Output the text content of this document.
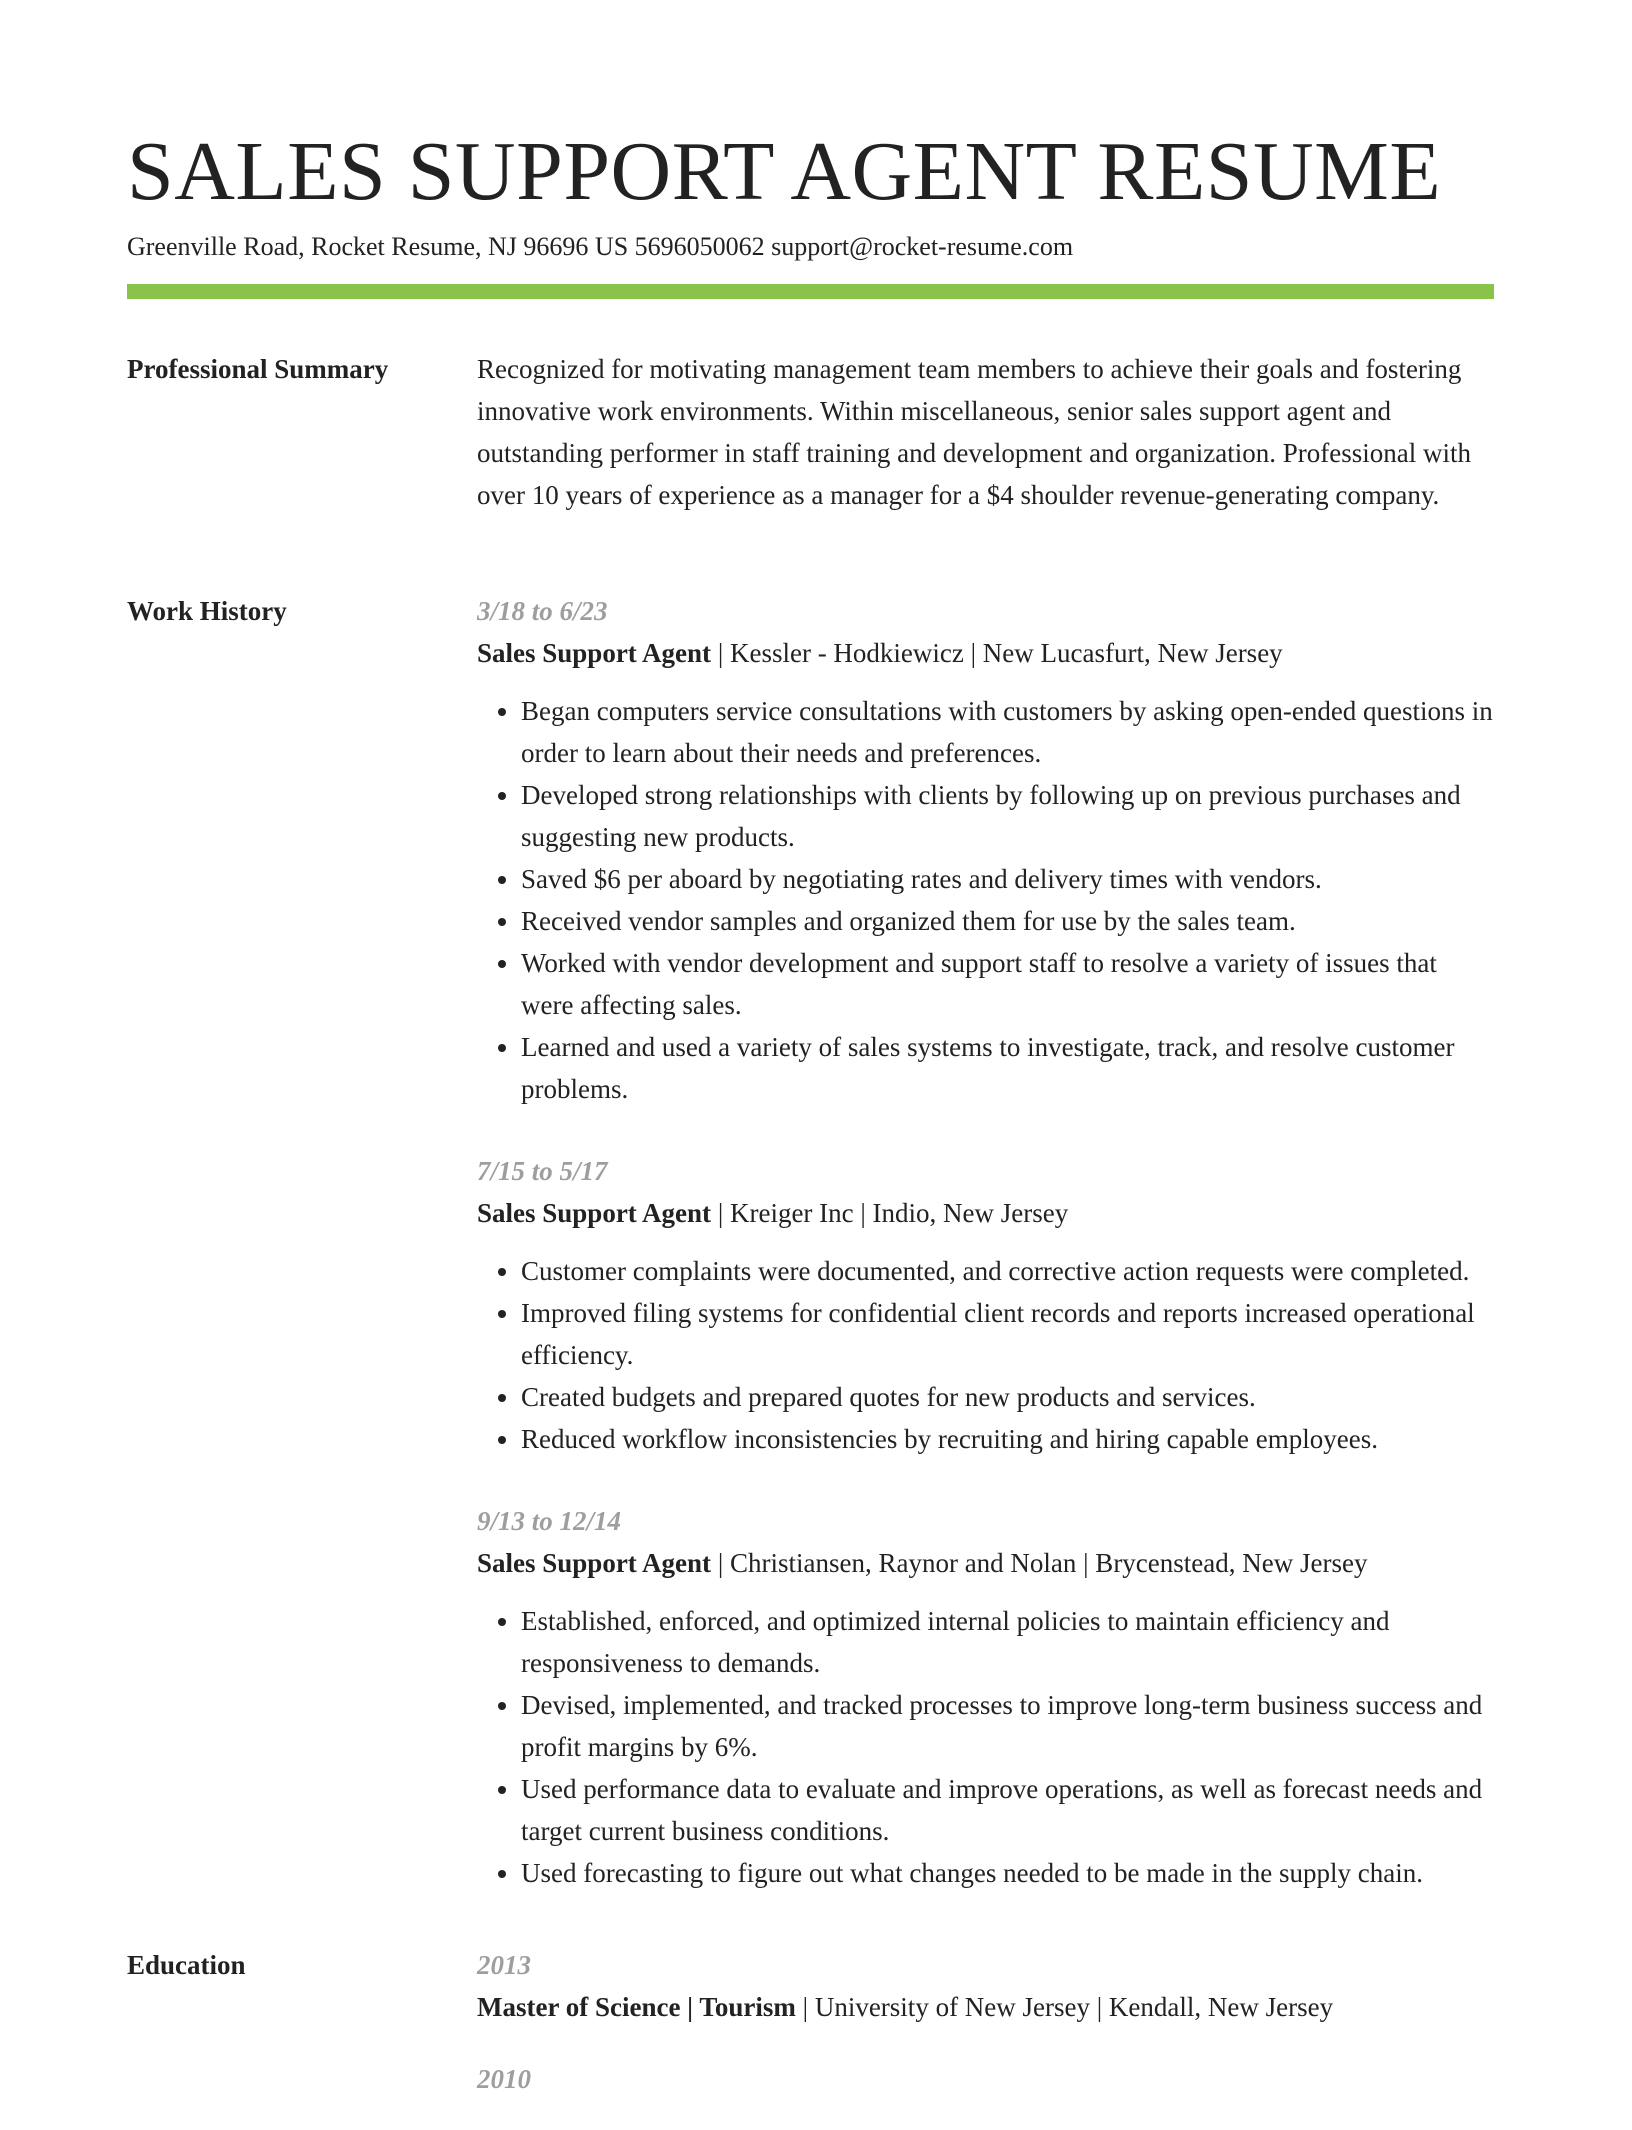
SALES SUPPORT AGENT RESUME
Greenville Road, Rocket Resume, NJ 96696 US 5696050062 support@rocket-resume.com
Professional Summary	Recognized for motivating management team members to achieve their goals and fostering innovative work environments. Within miscellaneous, senior sales support agent and outstanding performer in staff training and development and organization. Professional with over 10 years of experience as a manager for a $4 shoulder revenue-generating company.

Work History	3/18 to 6/23
Sales Support Agent | Kessler - Hodkiewicz | New Lucasfurt, New Jersey
• Began computers service consultations with customers by asking open-ended questions in order to learn about their needs and preferences.
• Developed strong relationships with clients by following up on previous purchases and suggesting new products.
• Saved $6 per aboard by negotiating rates and delivery times with vendors.
• Received vendor samples and organized them for use by the sales team.
• Worked with vendor development and support staff to resolve a variety of issues that were affecting sales.
• Learned and used a variety of sales systems to investigate, track, and resolve customer problems.
7/15 to 5/17
Sales Support Agent | Kreiger Inc | Indio, New Jersey
• Customer complaints were documented, and corrective action requests were completed.
• Improved filing systems for confidential client records and reports increased operational efficiency.
• Created budgets and prepared quotes for new products and services.
• Reduced workflow inconsistencies by recruiting and hiring capable employees.
9/13 to 12/14
Sales Support Agent | Christiansen, Raynor and Nolan | Brycenstead, New Jersey
• Established, enforced, and optimized internal policies to maintain efficiency and responsiveness to demands.
• Devised, implemented, and tracked processes to improve long-term business success and profit margins by 6%.
• Used performance data to evaluate and improve operations, as well as forecast needs and target current business conditions.
• Used forecasting to figure out what changes needed to be made in the supply chain.
Education	2013
Master of Science | Tourism | University of New Jersey | Kendall, New Jersey
2010
